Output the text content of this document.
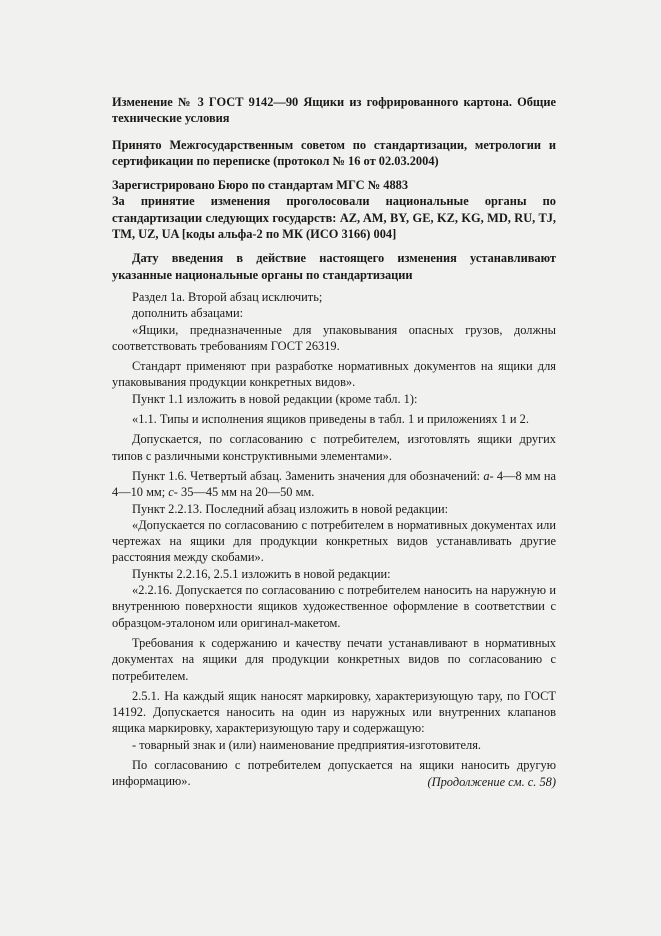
Изменение № 3 ГОСТ 9142—90 Ящики из гофрированного картона. Общие технические условия

Принято Межгосударственным советом по стандартизации, метрологии и сертификации по переписке (протокол № 16 от 02.03.2004)

Зарегистрировано Бюро по стандартам МГС № 4883

За принятие изменения проголосовали национальные органы по стандартизации следующих государств: AZ, AM, BY, GE, KZ, KG, MD, RU, TJ, TM, UZ, UA [коды альфа-2 по МК (ИСО 3166) 004]

Дату введения в действие настоящего изменения устанавливают указанные национальные органы по стандартизации

Раздел 1а. Второй абзац исключить;

дополнить абзацами:

«Ящики, предназначенные для упаковывания опасных грузов, должны соответствовать требованиям ГОСТ 26319.

Стандарт применяют при разработке нормативных документов на ящики для упаковывания продукции конкретных видов».

Пункт 1.1 изложить в новой редакции (кроме табл. 1):

«1.1. Типы и исполнения ящиков приведены в табл. 1 и приложениях 1 и 2.

Допускается, по согласованию с потребителем, изготовлять ящики других типов с различными конструктивными элементами».

Пункт 1.6. Четвертый абзац. Заменить значения для обозначений: а- 4—8 мм на 4—10 мм; с- 35—45 мм на 20—50 мм.

Пункт 2.2.13. Последний абзац изложить в новой редакции:

«Допускается по согласованию с потребителем в нормативных документах или чертежах на ящики для продукции конкретных видов устанавливать другие расстояния между скобами».

Пункты 2.2.16, 2.5.1 изложить в новой редакции:

«2.2.16. Допускается по согласованию с потребителем наносить на наружную и внутреннюю поверхности ящиков художественное оформление в соответствии с образцом-эталоном или оригинал-макетом.

Требования к содержанию и качеству печати устанавливают в нормативных документах на ящики для продукции конкретных видов по согласованию с потребителем.

2.5.1. На каждый ящик наносят маркировку, характеризующую тару, по ГОСТ 14192. Допускается наносить на один из наружных или внутренних клапанов ящика маркировку, характеризующую тару и содержащую:

- товарный знак и (или) наименование предприятия-изготовителя.

По согласованию с потребителем допускается на ящики наносить другую информацию».	(Продолжение см. с. 58)
